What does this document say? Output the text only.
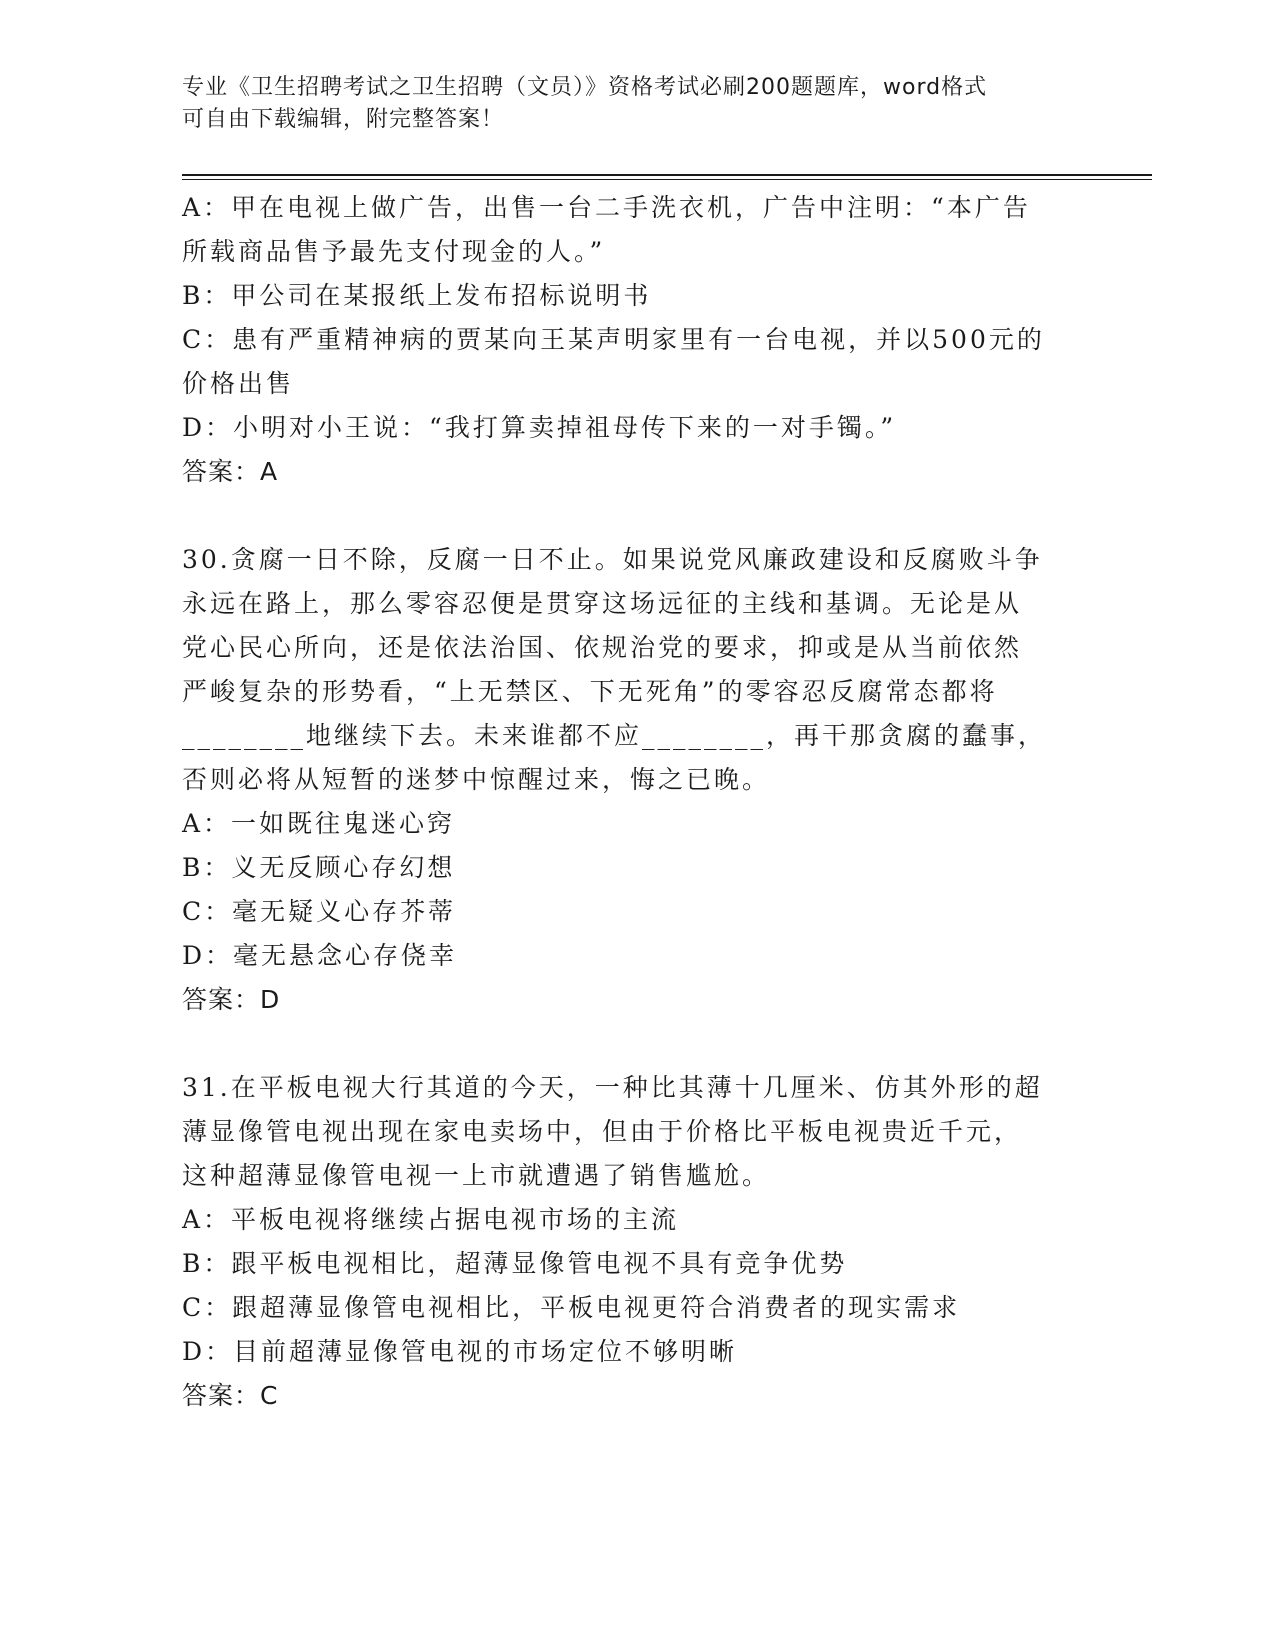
专业《卫生招聘考试之卫生招聘（文员）》资格考试必刷200题题库，word格式
可自由下载编辑，附完整答案！
A：甲在电视上做广告，出售一台二手洗衣机，广告中注明：“本广告
所载商品售予最先支付现金的人。”
B：甲公司在某报纸上发布招标说明书
C：患有严重精神病的贾某向王某声明家里有一台电视，并以500元的
价格出售
D：小明对小王说：“我打算卖掉祖母传下来的一对手镯。”
答案：A
30.贪腐一日不除，反腐一日不止。如果说党风廉政建设和反腐败斗争
永远在路上，那么零容忍便是贯穿这场远征的主线和基调。无论是从
党心民心所向，还是依法治国、依规治党的要求，抑或是从当前依然
严峻复杂的形势看，“上无禁区、下无死角”的零容忍反腐常态都将
________地继续下去。未来谁都不应________，再干那贪腐的蠢事，
否则必将从短暂的迷梦中惊醒过来，悔之已晚。
A：一如既往鬼迷心窍
B：义无反顾心存幻想
C：毫无疑义心存芥蒂
D：毫无悬念心存侥幸
答案：D
31.在平板电视大行其道的今天，一种比其薄十几厘米、仿其外形的超
薄显像管电视出现在家电卖场中，但由于价格比平板电视贵近千元，
这种超薄显像管电视一上市就遭遇了销售尴尬。
A：平板电视将继续占据电视市场的主流
B：跟平板电视相比，超薄显像管电视不具有竞争优势
C：跟超薄显像管电视相比，平板电视更符合消费者的现实需求
D：目前超薄显像管电视的市场定位不够明晰
答案：C
